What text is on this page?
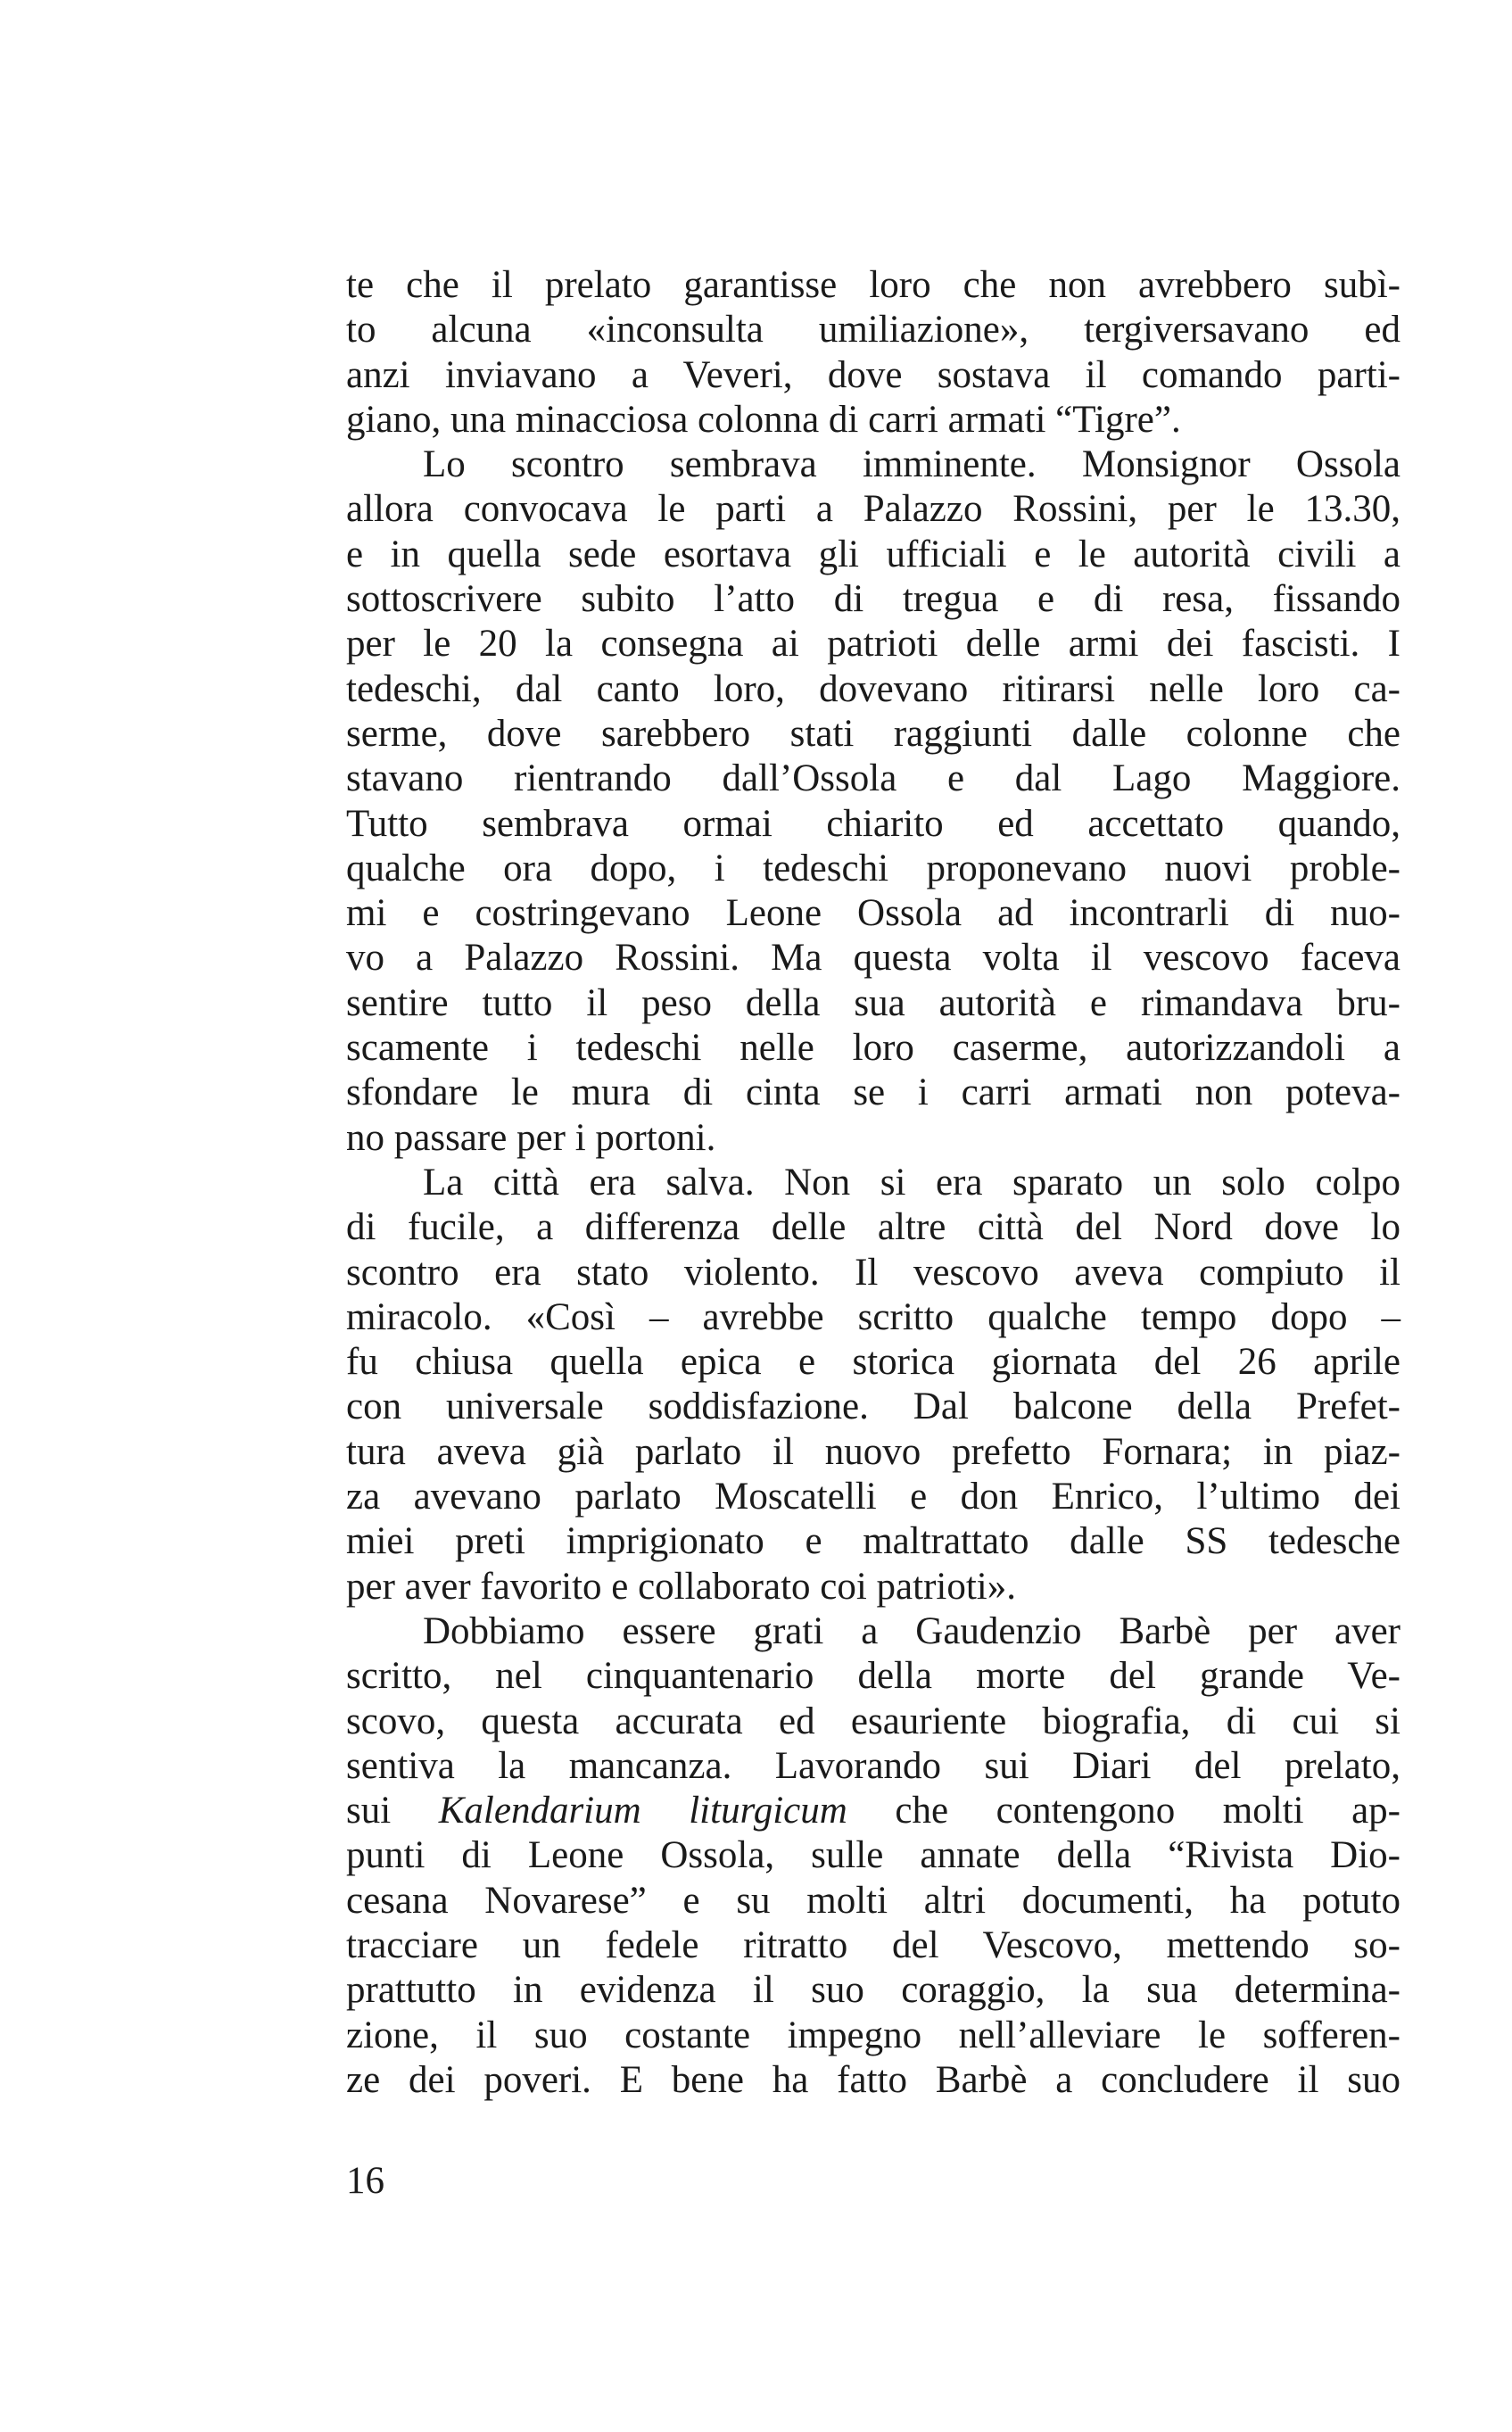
te che il prelato garantisse loro che non avrebbero subì-
to alcuna «inconsulta umiliazione», tergiversavano ed
anzi inviavano a Veveri, dove sostava il comando parti-
giano, una minacciosa colonna di carri armati “Tigre”.
Lo scontro sembrava imminente. Monsignor Ossola
allora convocava le parti a Palazzo Rossini, per le 13.30,
e in quella sede esortava gli ufficiali e le autorità civili a
sottoscrivere subito l’atto di tregua e di resa, fissando
per le 20 la consegna ai patrioti delle armi dei fascisti. I
tedeschi, dal canto loro, dovevano ritirarsi nelle loro ca-
serme, dove sarebbero stati raggiunti dalle colonne che
stavano rientrando dall’Ossola e dal Lago Maggiore.
Tutto sembrava ormai chiarito ed accettato quando,
qualche ora dopo, i tedeschi proponevano nuovi proble-
mi e costringevano Leone Ossola ad incontrarli di nuo-
vo a Palazzo Rossini. Ma questa volta il vescovo faceva
sentire tutto il peso della sua autorità e rimandava bru-
scamente i tedeschi nelle loro caserme, autorizzandoli a
sfondare le mura di cinta se i carri armati non poteva-
no passare per i portoni.
La città era salva. Non si era sparato un solo colpo
di fucile, a differenza delle altre città del Nord dove lo
scontro era stato violento. Il vescovo aveva compiuto il
miracolo. «Così – avrebbe scritto qualche tempo dopo –
fu chiusa quella epica e storica giornata del 26 aprile
con universale soddisfazione. Dal balcone della Prefet-
tura aveva già parlato il nuovo prefetto Fornara; in piaz-
za avevano parlato Moscatelli e don Enrico, l’ultimo dei
miei preti imprigionato e maltrattato dalle SS tedesche
per aver favorito e collaborato coi patrioti».
Dobbiamo essere grati a Gaudenzio Barbè per aver
scritto, nel cinquantenario della morte del grande Ve-
scovo, questa accurata ed esauriente biografia, di cui si
sentiva la mancanza. Lavorando sui Diari del prelato,
sui Kalendarium liturgicum che contengono molti ap-
punti di Leone Ossola, sulle annate della “Rivista Dio-
cesana Novarese” e su molti altri documenti, ha potuto
tracciare un fedele ritratto del Vescovo, mettendo so-
prattutto in evidenza il suo coraggio, la sua determina-
zione, il suo costante impegno nell’alleviare le sofferen-
ze dei poveri. E bene ha fatto Barbè a concludere il suo
16
